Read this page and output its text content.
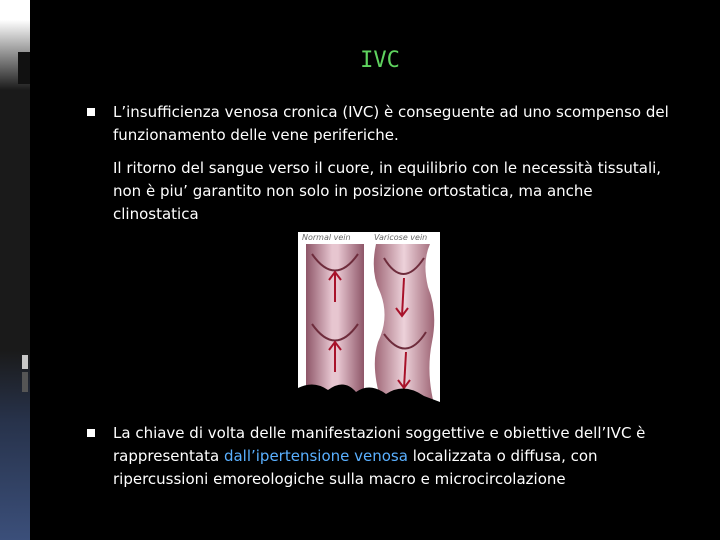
IVC
L’insufficienza venosa cronica (IVC) è conseguente ad uno scompenso del funzionamento delle vene periferiche.
Il ritorno del sangue verso il cuore, in equilibrio con le necessità tissutali, non è piu’ garantito non solo in posizione ortostatica, ma anche clinostatica
Normal vein	Varicose vein
La chiave di volta delle manifestazioni soggettive e obiettive dell’IVC è rappresentata dall’ipertensione venosa localizzata o diffusa, con ripercussioni emoreologiche sulla macro e microcircolazione
